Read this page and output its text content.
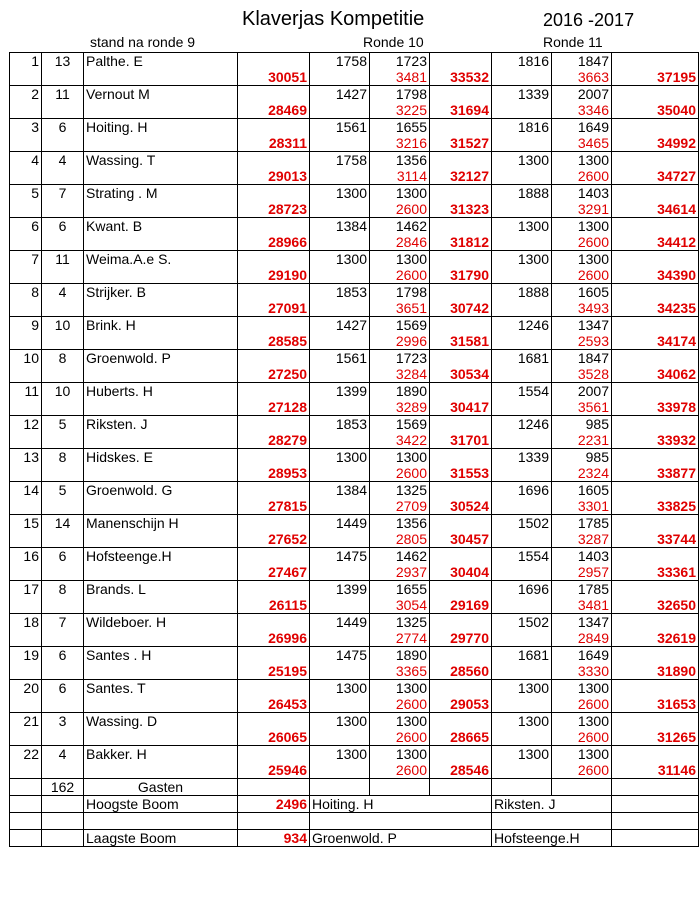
Klaverjas Kompetitie	2016 -2017
stand na ronde 9	Ronde 10	Ronde 11
1	13	Palthe. E		1758	1723		1816	1847	
			30051		3481	33532		3663	37195
2	11	Vernout M		1427	1798		1339	2007	
			28469		3225	31694		3346	35040
3	6	Hoiting. H		1561	1655		1816	1649	
			28311		3216	31527		3465	34992
4	4	Wassing. T		1758	1356		1300	1300	
			29013		3114	32127		2600	34727
5	7	Strating . M		1300	1300		1888	1403	
			28723		2600	31323		3291	34614
6	6	Kwant. B		1384	1462		1300	1300	
			28966		2846	31812		2600	34412
7	11	Weima.A.e S.		1300	1300		1300	1300	
			29190		2600	31790		2600	34390
8	4	Strijker. B		1853	1798		1888	1605	
			27091		3651	30742		3493	34235
9	10	Brink. H		1427	1569		1246	1347	
			28585		2996	31581		2593	34174
10	8	Groenwold. P		1561	1723		1681	1847	
			27250		3284	30534		3528	34062
11	10	Huberts. H		1399	1890		1554	2007	
			27128		3289	30417		3561	33978
12	5	Riksten. J		1853	1569		1246	985	
			28279		3422	31701		2231	33932
13	8	Hidskes. E		1300	1300		1339	985	
			28953		2600	31553		2324	33877
14	5	Groenwold. G		1384	1325		1696	1605	
			27815		2709	30524		3301	33825
15	14	Manenschijn H		1449	1356		1502	1785	
			27652		2805	30457		3287	33744
16	6	Hofsteenge.H		1475	1462		1554	1403	
			27467		2937	30404		2957	33361
17	8	Brands. L		1399	1655		1696	1785	
			26115		3054	29169		3481	32650
18	7	Wildeboer. H		1449	1325		1502	1347	
			26996		2774	29770		2849	32619
19	6	Santes . H		1475	1890		1681	1649	
			25195		3365	28560		3330	31890
20	6	Santes. T		1300	1300		1300	1300	
			26453		2600	29053		2600	31653
21	3	Wassing. D		1300	1300		1300	1300	
			26065		2600	28665		2600	31265
22	4	Bakker. H		1300	1300		1300	1300	
			25946		2600	28546		2600	31146
	162	Gasten							
		Hoogste Boom	2496	Hoiting. H			Riksten. J		

		Laagste Boom	934	Groenwold. P			Hofsteenge.H		
